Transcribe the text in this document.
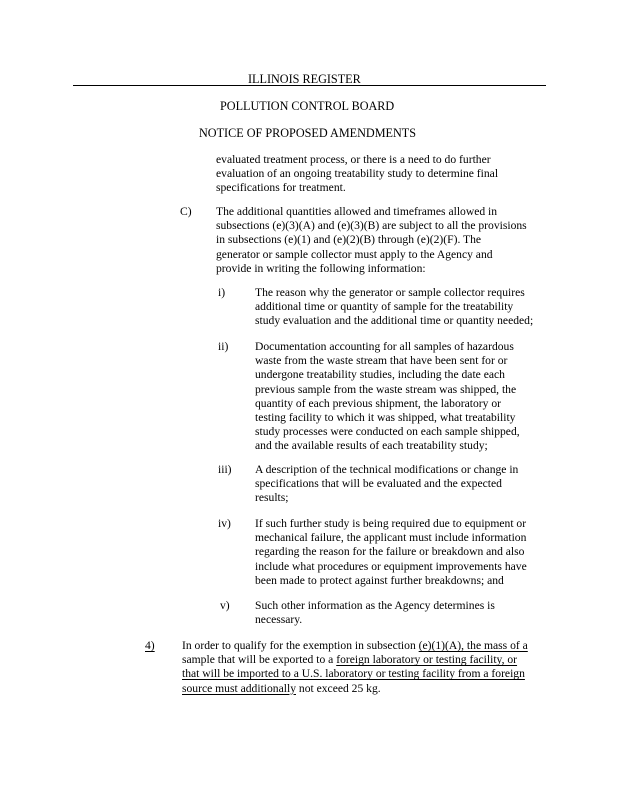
ILLINOIS REGISTER
POLLUTION CONTROL BOARD
NOTICE OF PROPOSED AMENDMENTS
evaluated treatment process, or there is a need to do further
evaluation of an ongoing treatability study to determine final
specifications for treatment.
C) The additional quantities allowed and timeframes allowed in
subsections (e)(3)(A) and (e)(3)(B) are subject to all the provisions
in subsections (e)(1) and (e)(2)(B) through (e)(2)(F). The
generator or sample collector must apply to the Agency and
provide in writing the following information:
i)	The reason why the generator or sample collector requires
additional time or quantity of sample for the treatability
study evaluation and the additional time or quantity needed;
ii) Documentation accounting for all samples of hazardous
waste from the waste stream that have been sent for or
undergone treatability studies, including the date each
previous sample from the waste stream was shipped, the
quantity of each previous shipment, the laboratory or
testing facility to which it was shipped, what treatability
study processes were conducted on each sample shipped,
and the available results of each treatability study;
iii) A description of the technical modifications or change in
specifications that will be evaluated and the expected
results;
iv) If such further study is being required due to equipment or
mechanical failure, the applicant must include information
regarding the reason for the failure or breakdown and also
include what procedures or equipment improvements have
been made to protect against further breakdowns; and
v) Such other information as the Agency determines is
necessary.
4) In order to qualify for the exemption in subsection (e)(1)(A), the mass of a
sample that will be exported to a foreign laboratory or testing facility, or
that will be imported to a U.S. laboratory or testing facility from a foreign
source must additionally not exceed 25 kg.
